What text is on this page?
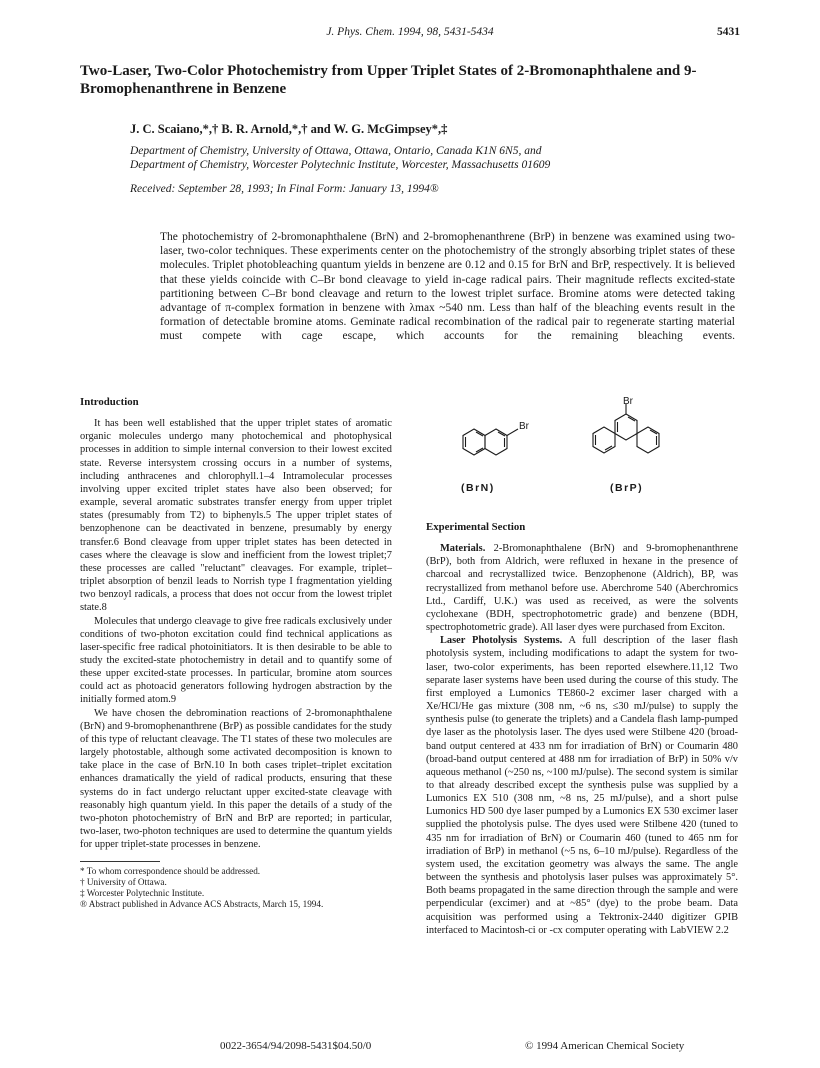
J. Phys. Chem. 1994, 98, 5431-5434	5431
Two-Laser, Two-Color Photochemistry from Upper Triplet States of 2-Bromonaphthalene and 9-Bromophenanthrene in Benzene
J. C. Scaiano,*,† B. R. Arnold,*,† and W. G. McGimpsey*,‡
Department of Chemistry, University of Ottawa, Ottawa, Ontario, Canada K1N 6N5, and
Department of Chemistry, Worcester Polytechnic Institute, Worcester, Massachusetts 01609
Received: September 28, 1993; In Final Form: January 13, 1994®

The photochemistry of 2-bromonaphthalene (BrN) and 2-bromophenanthrene (BrP) in benzene was examined using two-laser, two-color techniques. These experiments center on the photochemistry of the strongly absorbing triplet states of these molecules. Triplet photobleaching quantum yields in benzene are 0.12 and 0.15 for BrN and BrP, respectively. It is believed that these yields coincide with C–Br bond cleavage to yield in-cage radical pairs. Their magnitude reflects excited-state partitioning between C–Br bond cleavage and return to the lowest triplet surface. Bromine atoms were detected taking advantage of π-complex formation in benzene with λmax ~540 nm. Less than half of the bleaching events result in the formation of detectable bromine atoms. Geminate radical recombination of the radical pair to regenerate starting material must compete with cage escape, which accounts for the remaining bleaching events.

Introduction

It has been well established that the upper triplet states of aromatic organic molecules undergo many photochemical and photophysical processes in addition to simple internal conversion to their lowest excited state. Reverse intersystem crossing occurs in a number of systems, including anthracenes and chlorophyll.1–4 Intramolecular processes involving upper excited triplet states have also been observed; for example, several aromatic substrates transfer energy from upper triplet states (presumably from T2) to biphenyls.5 The upper triplet states of benzophenone can be deactivated in benzene, presumably by energy transfer.6 Bond cleavage from upper triplet states has been detected in cases where the cleavage is slow and inefficient from the lowest triplet;7 these processes are called "reluctant" cleavages. For example, triplet–triplet absorption of benzil leads to Norrish type I fragmentation yielding two benzoyl radicals, a process that does not occur from the lowest triplet state.8

Molecules that undergo cleavage to give free radicals exclusively under conditions of two-photon excitation could find technical applications as laser-specific free radical photoinitiators. It is then desirable to be able to study the excited-state photochemistry in detail and to quantify some of these upper excited-state processes. In particular, bromine atom sources could act as photoacid generators following hydrogen abstraction by the initially formed atom.9

We have chosen the debromination reactions of 2-bromonaphthalene (BrN) and 9-bromophenanthrene (BrP) as possible candidates for the study of this type of reluctant cleavage. The T1 states of these two molecules are largely photostable, although some activated decomposition is known to take place in the case of BrN.10 In both cases triplet–triplet excitation enhances dramatically the yield of radical products, ensuring that these systems do in fact undergo reluctant upper excited-state cleavage with reasonably high quantum yield. In this paper the details of a study of the two-photon photochemistry of BrN and BrP are reported; in particular, two-laser, two-photon techniques are used to determine the quantum yields for upper triplet-state processes in benzene.

* To whom correspondence should be addressed.
† University of Ottawa.
‡ Worcester Polytechnic Institute.
® Abstract published in Advance ACS Abstracts, March 15, 1994.
Br
Br
(BrN)	(BrP)
Experimental Section

Materials. 2-Bromonaphthalene (BrN) and 9-bromophenanthrene (BrP), both from Aldrich, were refluxed in hexane in the presence of charcoal and recrystallized twice. Benzophenone (Aldrich), BP, was recrystallized from methanol before use. Aberchrome 540 (Aberchromics Ltd., Cardiff, U.K.) was used as received, as were the solvents cyclohexane (BDH, spectrophotometric grade) and benzene (BDH, spectrophotometric grade). All laser dyes were purchased from Exciton.

Laser Photolysis Systems. A full description of the laser flash photolysis system, including modifications to adapt the system for two-laser, two-color experiments, has been reported elsewhere.11,12 Two separate laser systems have been used during the course of this study. The first employed a Lumonics TE860-2 excimer laser charged with a Xe/HCl/He gas mixture (308 nm, ~6 ns, ≤30 mJ/pulse) to supply the synthesis pulse (to generate the triplets) and a Candela flash lamp-pumped dye laser as the photolysis laser. The dyes used were Stilbene 420 (broad-band output centered at 433 nm for irradiation of BrN) or Coumarin 480 (broad-band output centered at 488 nm for irradiation of BrP) in 50% v/v aqueous methanol (~250 ns, ~100 mJ/pulse). The second system is similar to that already described except the synthesis pulse was supplied by a Lumonics EX 510 (308 nm, ~8 ns, 25 mJ/pulse), and a short pulse Lumonics HD 500 dye laser pumped by a Lumonics EX 530 excimer laser supplied the photolysis pulse. The dyes used were Stilbene 420 (tuned to 435 nm for irradiation of BrN) or Coumarin 460 (tuned to 465 nm for irradiation of BrP) in methanol (~5 ns, 6–10 mJ/pulse). Regardless of the system used, the excitation geometry was always the same. The angle between the synthesis and photolysis laser pulses was approximately 5°. Both beams propagated in the same direction through the sample and were perpendicular (excimer) and at ~85° (dye) to the probe beam. Data acquisition was performed using a Tektronix-2440 digitizer GPIB interfaced to Macintosh-ci or -cx computer operating with LabVIEW 2.2

0022-3654/94/2098-5431$04.50/0	© 1994 American Chemical Society
